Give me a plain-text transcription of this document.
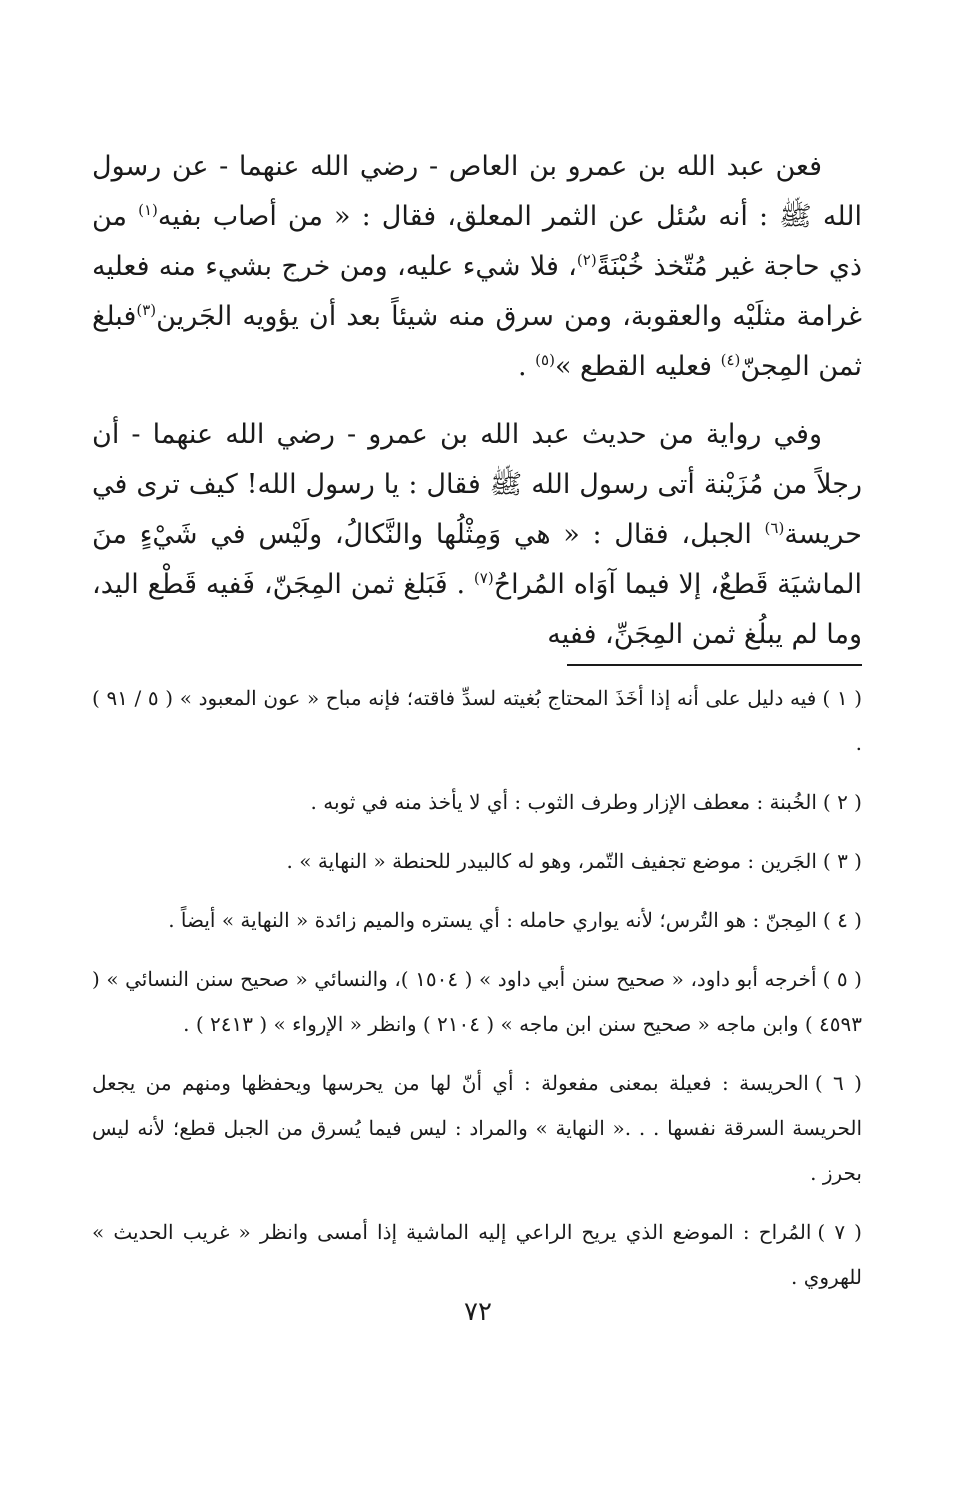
فعن عبد الله بن عمرو بن العاص - رضي الله عنهما - عن رسول الله ﷺ : أنه سُئل عن الثمر المعلق، فقال : « من أصاب بفيه$^{(١)}$ من ذي حاجة غير مُتّخذ خُبْنَةً$^{(٢)}$، فلا شيء عليه، ومن خرج بشيء منه فعليه غرامة مثلَيْه والعقوبة، ومن سرق منه شيئاً بعد أن يؤويه الجَرين$^{(٣)}$فبلغ ثمن المِجنّ$^{(٤)}$ فعليه القطع »$^{(٥)}$ .

وفي رواية من حديث عبد الله بن عمرو - رضي الله عنهما - أن رجلاً من مُزَيْنة أتى رسول الله ﷺ فقال : يا رسول الله! كيف ترى في حريسة$^{(٦)}$ الجبل، فقال : « هي وَمِثْلُها والنَّكالُ، ولَيْس في شَيْءٍ منَ الماشيَة قَطعٌ، إلا فيما آوَاه المُراحُ$^{(٧)}$ . فَبَلغ ثمن المِجَنّ، فَفيه قَطْع اليد، وما لم يبلُغ ثمن المِجَنِّ، ففيه

( ١ )فيه دليل على أنه إذا أخَذَ المحتاج بُغيته لسدِّ فاقته؛ فإنه مباح « عون المعبود » ( ٥ / ٩١ ) .
( ٢ )الخُبنة : معطف الإزار وطرف الثوب : أي لا يأخذ منه في ثوبه .
( ٣ )الجَرين : موضع تجفيف التّمر، وهو له كالبيدر للحنطة « النهاية » .
( ٤ )المِجنّ : هو التُرس؛ لأنه يواري حامله : أي يستره والميم زائدة « النهاية » أيضاً .
( ٥ )أخرجه أبو داود، « صحيح سنن أبي داود » ( ١٥٠٤ )، والنسائي « صحيح سنن النسائي » ( ٤٥٩٣ ) وابن ماجه « صحيح سنن ابن ماجه » ( ٢١٠٤ ) وانظر « الإرواء » ( ٢٤١٣ ) .
( ٦ )الحريسة : فعيلة بمعنى مفعولة : أي أنّ لها من يحرسها ويحفظها ومنهم من يجعل الحريسة السرقة نفسها . . .« النهاية » والمراد : ليس فيما يُسرق من الجبل قطع؛ لأنه ليس بحرز .
( ٧ )المُراح : الموضع الذي يريح الراعي إليه الماشية إذا أمسى وانظر « غريب الحديث » للهروي .
٧٢
